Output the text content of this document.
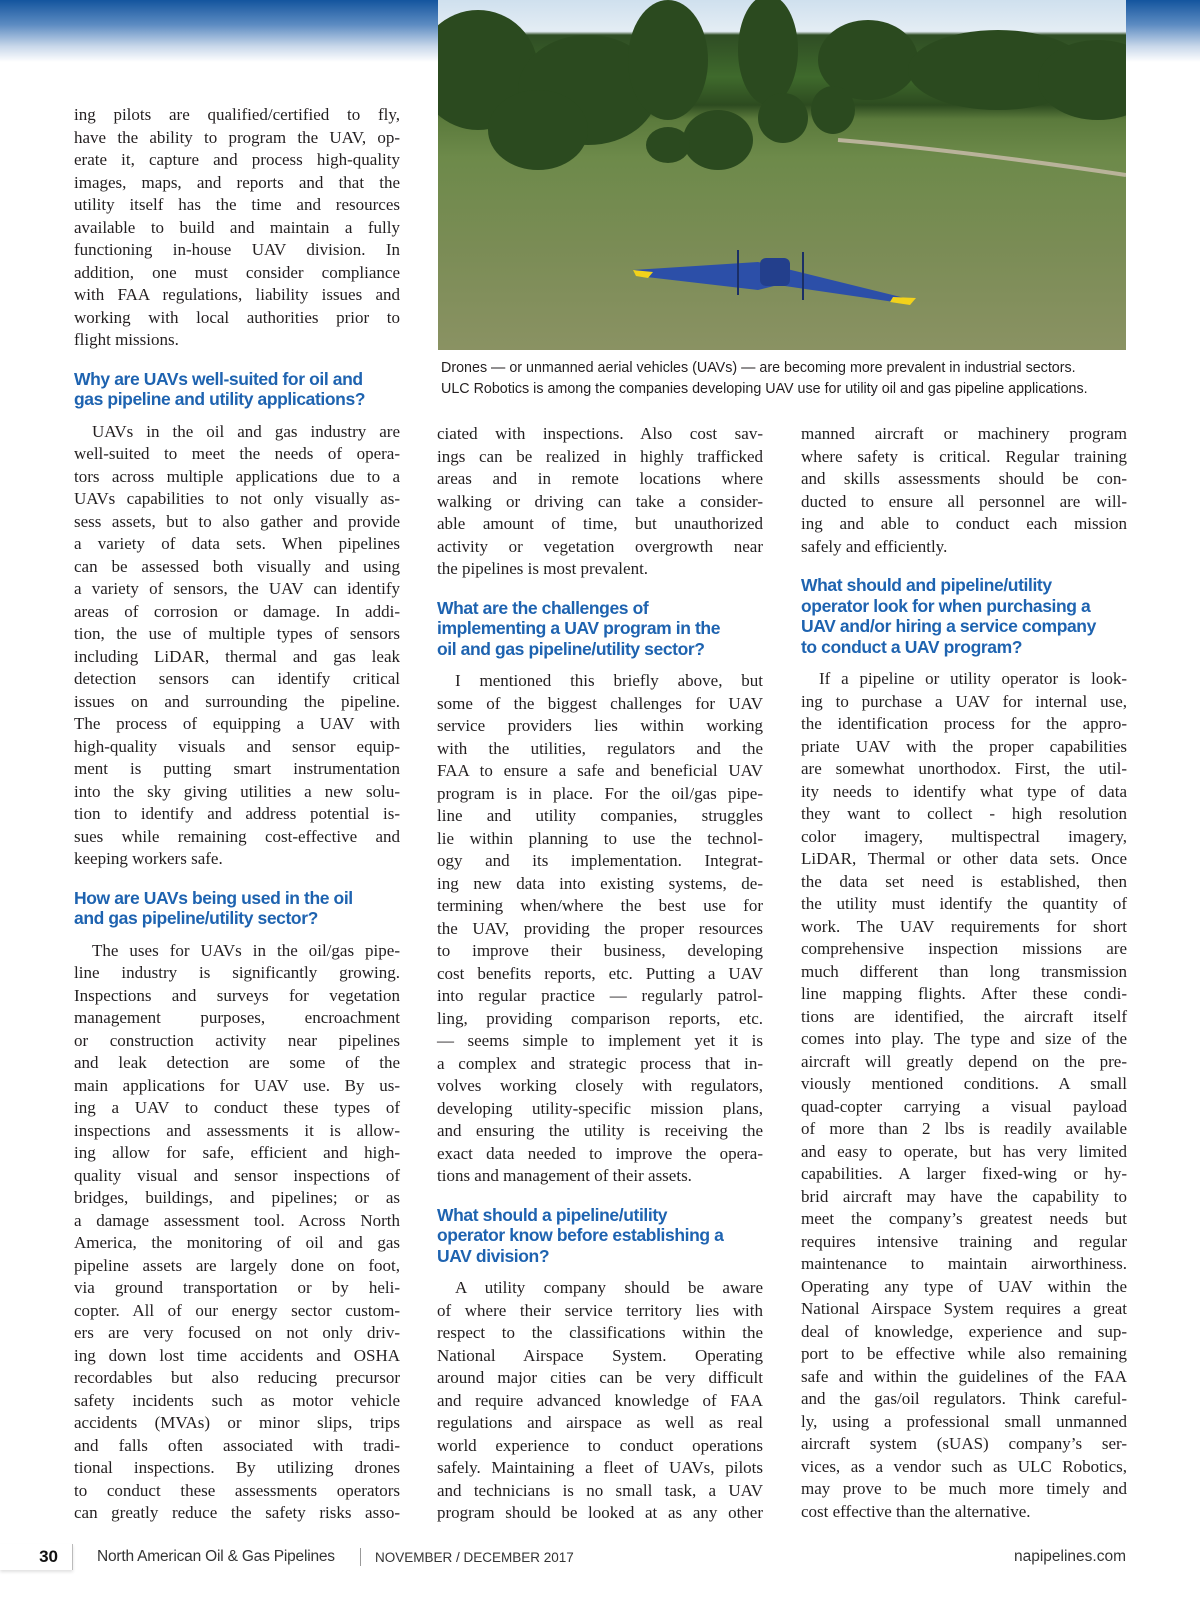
Drones — or unmanned aerial vehicles (UAVs) — are becoming more prevalent in industrial sectors.
ULC Robotics is among the companies developing UAV use for utility oil and gas pipeline applications.
ing pilots are qualified/certified to fly,
have the ability to program the UAV, op-
erate it, capture and process high-quality
images, maps, and reports and that the
utility itself has the time and resources
available to build and maintain a fully
functioning in-house UAV division. In
addition, one must consider compliance
with FAA regulations, liability issues and
working with local authorities prior to
flight missions.
Why are UAVs well-suited for oil and
gas pipeline and utility applications?
UAVs in the oil and gas industry are
well-suited to meet the needs of opera-
tors across multiple applications due to a
UAVs capabilities to not only visually as-
sess assets, but to also gather and provide
a variety of data sets. When pipelines
can be assessed both visually and using
a variety of sensors, the UAV can identify
areas of corrosion or damage. In addi-
tion, the use of multiple types of sensors
including LiDAR, thermal and gas leak
detection sensors can identify critical
issues on and surrounding the pipeline.
The process of equipping a UAV with
high-quality visuals and sensor equip-
ment is putting smart instrumentation
into the sky giving utilities a new solu-
tion to identify and address potential is-
sues while remaining cost-effective and
keeping workers safe.
How are UAVs being used in the oil
and gas pipeline/utility sector?
The uses for UAVs in the oil/gas pipe-
line industry is significantly growing.
Inspections and surveys for vegetation
management purposes, encroachment
or construction activity near pipelines
and leak detection are some of the
main applications for UAV use. By us-
ing a UAV to conduct these types of
inspections and assessments it is allow-
ing allow for safe, efficient and high-
quality visual and sensor inspections of
bridges, buildings, and pipelines; or as
a damage assessment tool. Across North
America, the monitoring of oil and gas
pipeline assets are largely done on foot,
via ground transportation or by heli-
copter. All of our energy sector custom-
ers are very focused on not only driv-
ing down lost time accidents and OSHA
recordables but also reducing precursor
safety incidents such as motor vehicle
accidents (MVAs) or minor slips, trips
and falls often associated with tradi-
tional inspections. By utilizing drones
to conduct these assessments operators
can greatly reduce the safety risks asso-
ciated with inspections. Also cost sav-
ings can be realized in highly trafficked
areas and in remote locations where
walking or driving can take a consider-
able amount of time, but unauthorized
activity or vegetation overgrowth near
the pipelines is most prevalent.
What are the challenges of
implementing a UAV program in the
oil and gas pipeline/utility sector?
I mentioned this briefly above, but
some of the biggest challenges for UAV
service providers lies within working
with the utilities, regulators and the
FAA to ensure a safe and beneficial UAV
program is in place. For the oil/gas pipe-
line and utility companies, struggles
lie within planning to use the technol-
ogy and its implementation. Integrat-
ing new data into existing systems, de-
termining when/where the best use for
the UAV, providing the proper resources
to improve their business, developing
cost benefits reports, etc. Putting a UAV
into regular practice — regularly patrol-
ling, providing comparison reports, etc.
— seems simple to implement yet it is
a complex and strategic process that in-
volves working closely with regulators,
developing utility-specific mission plans,
and ensuring the utility is receiving the
exact data needed to improve the opera-
tions and management of their assets.
What should a pipeline/utility
operator know before establishing a
UAV division?
A utility company should be aware
of where their service territory lies with
respect to the classifications within the
National Airspace System. Operating
around major cities can be very difficult
and require advanced knowledge of FAA
regulations and airspace as well as real
world experience to conduct operations
safely. Maintaining a fleet of UAVs, pilots
and technicians is no small task, a UAV
program should be looked at as any other
manned aircraft or machinery program
where safety is critical. Regular training
and skills assessments should be con-
ducted to ensure all personnel are will-
ing and able to conduct each mission
safely and efficiently.
What should and pipeline/utility
operator look for when purchasing a
UAV and/or hiring a service company
to conduct a UAV program?
If a pipeline or utility operator is look-
ing to purchase a UAV for internal use,
the identification process for the appro-
priate UAV with the proper capabilities
are somewhat unorthodox. First, the util-
ity needs to identify what type of data
they want to collect - high resolution
color imagery, multispectral imagery,
LiDAR, Thermal or other data sets. Once
the data set need is established, then
the utility must identify the quantity of
work. The UAV requirements for short
comprehensive inspection missions are
much different than long transmission
line mapping flights. After these condi-
tions are identified, the aircraft itself
comes into play. The type and size of the
aircraft will greatly depend on the pre-
viously mentioned conditions. A small
quad-copter carrying a visual payload
of more than 2 lbs is readily available
and easy to operate, but has very limited
capabilities. A larger fixed-wing or hy-
brid aircraft may have the capability to
meet the company’s greatest needs but
requires intensive training and regular
maintenance to maintain airworthiness.
Operating any type of UAV within the
National Airspace System requires a great
deal of knowledge, experience and sup-
port to be effective while also remaining
safe and within the guidelines of the FAA
and the gas/oil regulators. Think careful-
ly, using a professional small unmanned
aircraft system (sUAS) company’s ser-
vices, as a vendor such as ULC Robotics,
may prove to be much more timely and
cost effective than the alternative.
30	North American Oil & Gas Pipelines	NOVEMBER / DECEMBER 2017	napipelines.com
